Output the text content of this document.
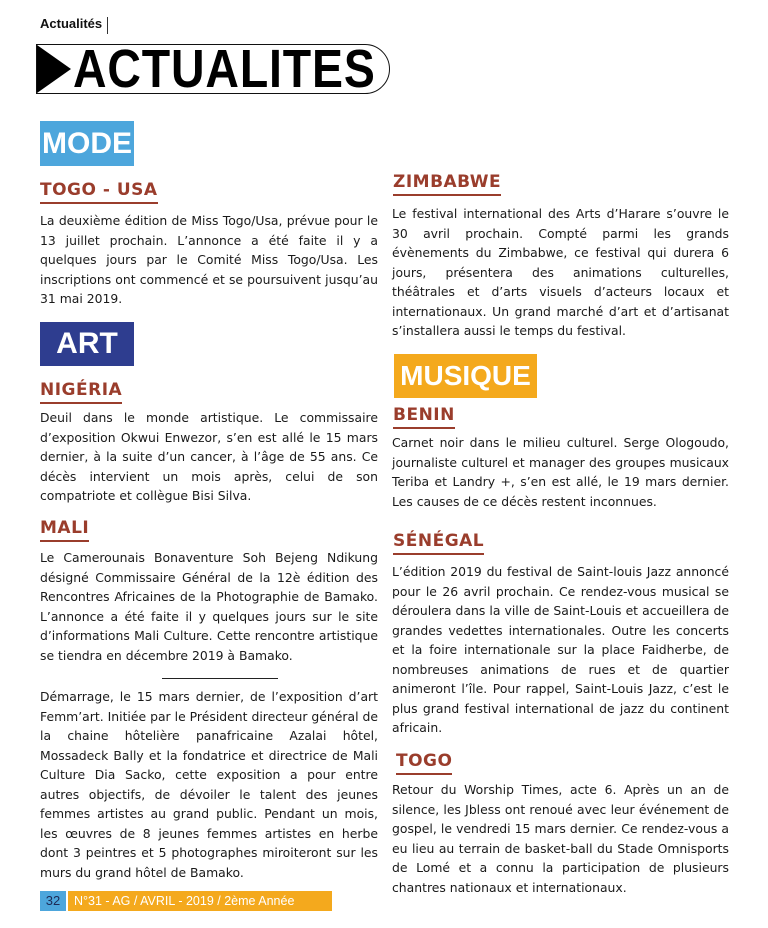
Actualités
ACTUALITES
MODE
ART
MUSIQUE
TOGO - USA
La deuxième édition de Miss Togo/Usa, prévue pour le 13 juillet prochain. L’annonce a été faite il y a quelques jours par le Comité Miss Togo/Usa. Les inscriptions ont commencé et se poursuivent jusqu’au 31 mai 2019.
NIGÉRIA
Deuil dans le monde artistique. Le commissaire d’exposition Okwui Enwezor, s’en est allé le 15 mars dernier, à la suite d’un cancer, à l’âge de 55 ans. Ce décès intervient un mois après, celui de son compatriote et collègue Bisi Silva.
MALI
Le Camerounais Bonaventure Soh Bejeng Ndikung désigné Commissaire Général de la 12è édition des Rencontres Africaines de la Photographie de Bamako. L’annonce a été faite il y quelques jours sur le site d’informations Mali Culture. Cette rencontre artistique se tiendra en décembre 2019 à Bamako.
Démarrage, le 15 mars dernier, de l’exposition d’art Femm’art. Initiée par le Président directeur général de la chaine hôtelière panafricaine Azalai hôtel, Mossadeck Bally et la fondatrice et directrice de Mali Culture Dia Sacko, cette exposition a pour entre autres objectifs, de dévoiler le talent des jeunes femmes artistes au grand public. Pendant un mois, les œuvres de 8 jeunes femmes artistes en herbe dont 3 peintres et 5 photographes miroiteront sur les murs du grand hôtel de Bamako.
ZIMBABWE
Le festival international des Arts d’Harare s’ouvre le 30 avril prochain. Compté parmi les grands évènements du Zimbabwe, ce festival qui durera 6 jours, présentera des animations culturelles, théâtrales et d’arts visuels d’acteurs locaux et internationaux. Un grand marché d’art et d’artisanat s’installera aussi le temps du festival.
BENIN
Carnet noir dans le milieu culturel. Serge Ologoudo, journaliste culturel et manager des groupes musicaux Teriba et Landry +, s’en est allé, le 19 mars dernier. Les causes de ce décès restent inconnues.
SÉNÉGAL
L’édition 2019 du festival de Saint-louis Jazz annoncé pour le 26 avril prochain. Ce rendez-vous musical se déroulera dans la ville de Saint-Louis et accueillera de grandes vedettes internationales. Outre les concerts et la foire internationale sur la place Faidherbe, de nombreuses animations de rues et de quartier animeront l’île. Pour rappel, Saint-Louis Jazz, c’est le plus grand festival international de jazz du continent africain.
TOGO
Retour du Worship Times, acte 6. Après un an de silence, les Jbless ont renoué avec leur événement de gospel, le vendredi 15 mars dernier. Ce rendez-vous a eu lieu au terrain de basket-ball du Stade Omnisports de Lomé et a connu la participation de plusieurs chantres nationaux et internationaux.
32	N°31 - AG / AVRIL - 2019 / 2ème Année
